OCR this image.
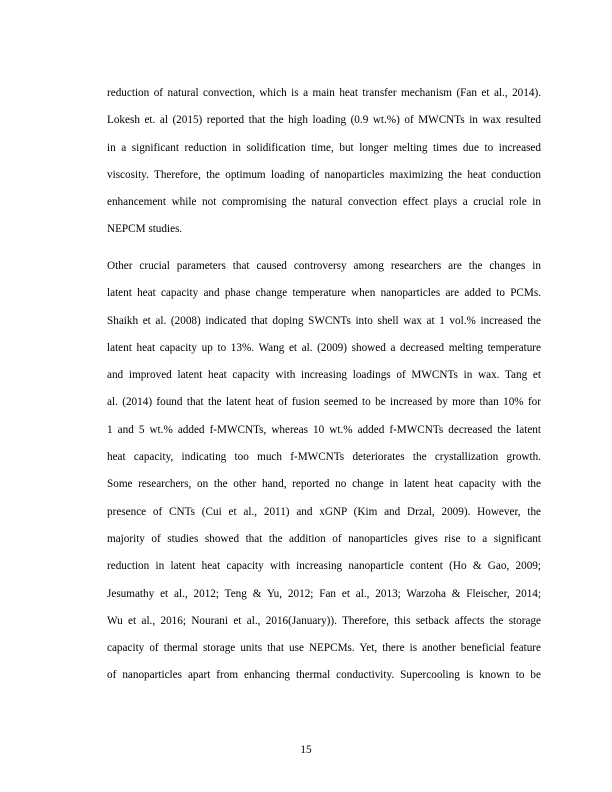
reduction of natural convection, which is a main heat transfer mechanism (Fan et al., 2014).
Lokesh et. al (2015) reported that the high loading (0.9 wt.%) of MWCNTs in wax resulted
in a significant reduction in solidification time, but longer melting times due to increased
viscosity. Therefore, the optimum loading of nanoparticles maximizing the heat conduction
enhancement while not compromising the natural convection effect plays a crucial role in
NEPCM studies.
Other crucial parameters that caused controversy among researchers are the changes in
latent heat capacity and phase change temperature when nanoparticles are added to PCMs.
Shaikh et al. (2008) indicated that doping SWCNTs into shell wax at 1 vol.% increased the
latent heat capacity up to 13%. Wang et al. (2009) showed a decreased melting temperature
and improved latent heat capacity with increasing loadings of MWCNTs in wax. Tang et
al. (2014) found that the latent heat of fusion seemed to be increased by more than 10% for
1 and 5 wt.% added f-MWCNTs, whereas 10 wt.% added f-MWCNTs decreased the latent
heat capacity, indicating too much f-MWCNTs deteriorates the crystallization growth.
Some researchers, on the other hand, reported no change in latent heat capacity with the
presence of CNTs (Cui et al., 2011) and xGNP (Kim and Drzal, 2009). However, the
majority of studies showed that the addition of nanoparticles gives rise to a significant
reduction in latent heat capacity with increasing nanoparticle content (Ho & Gao, 2009;
Jesumathy et al., 2012; Teng & Yu, 2012; Fan et al., 2013; Warzoha & Fleischer, 2014;
Wu et al., 2016; Nourani et al., 2016(January)). Therefore, this setback affects the storage
capacity of thermal storage units that use NEPCMs. Yet, there is another beneficial feature
of nanoparticles apart from enhancing thermal conductivity. Supercooling is known to be
15
